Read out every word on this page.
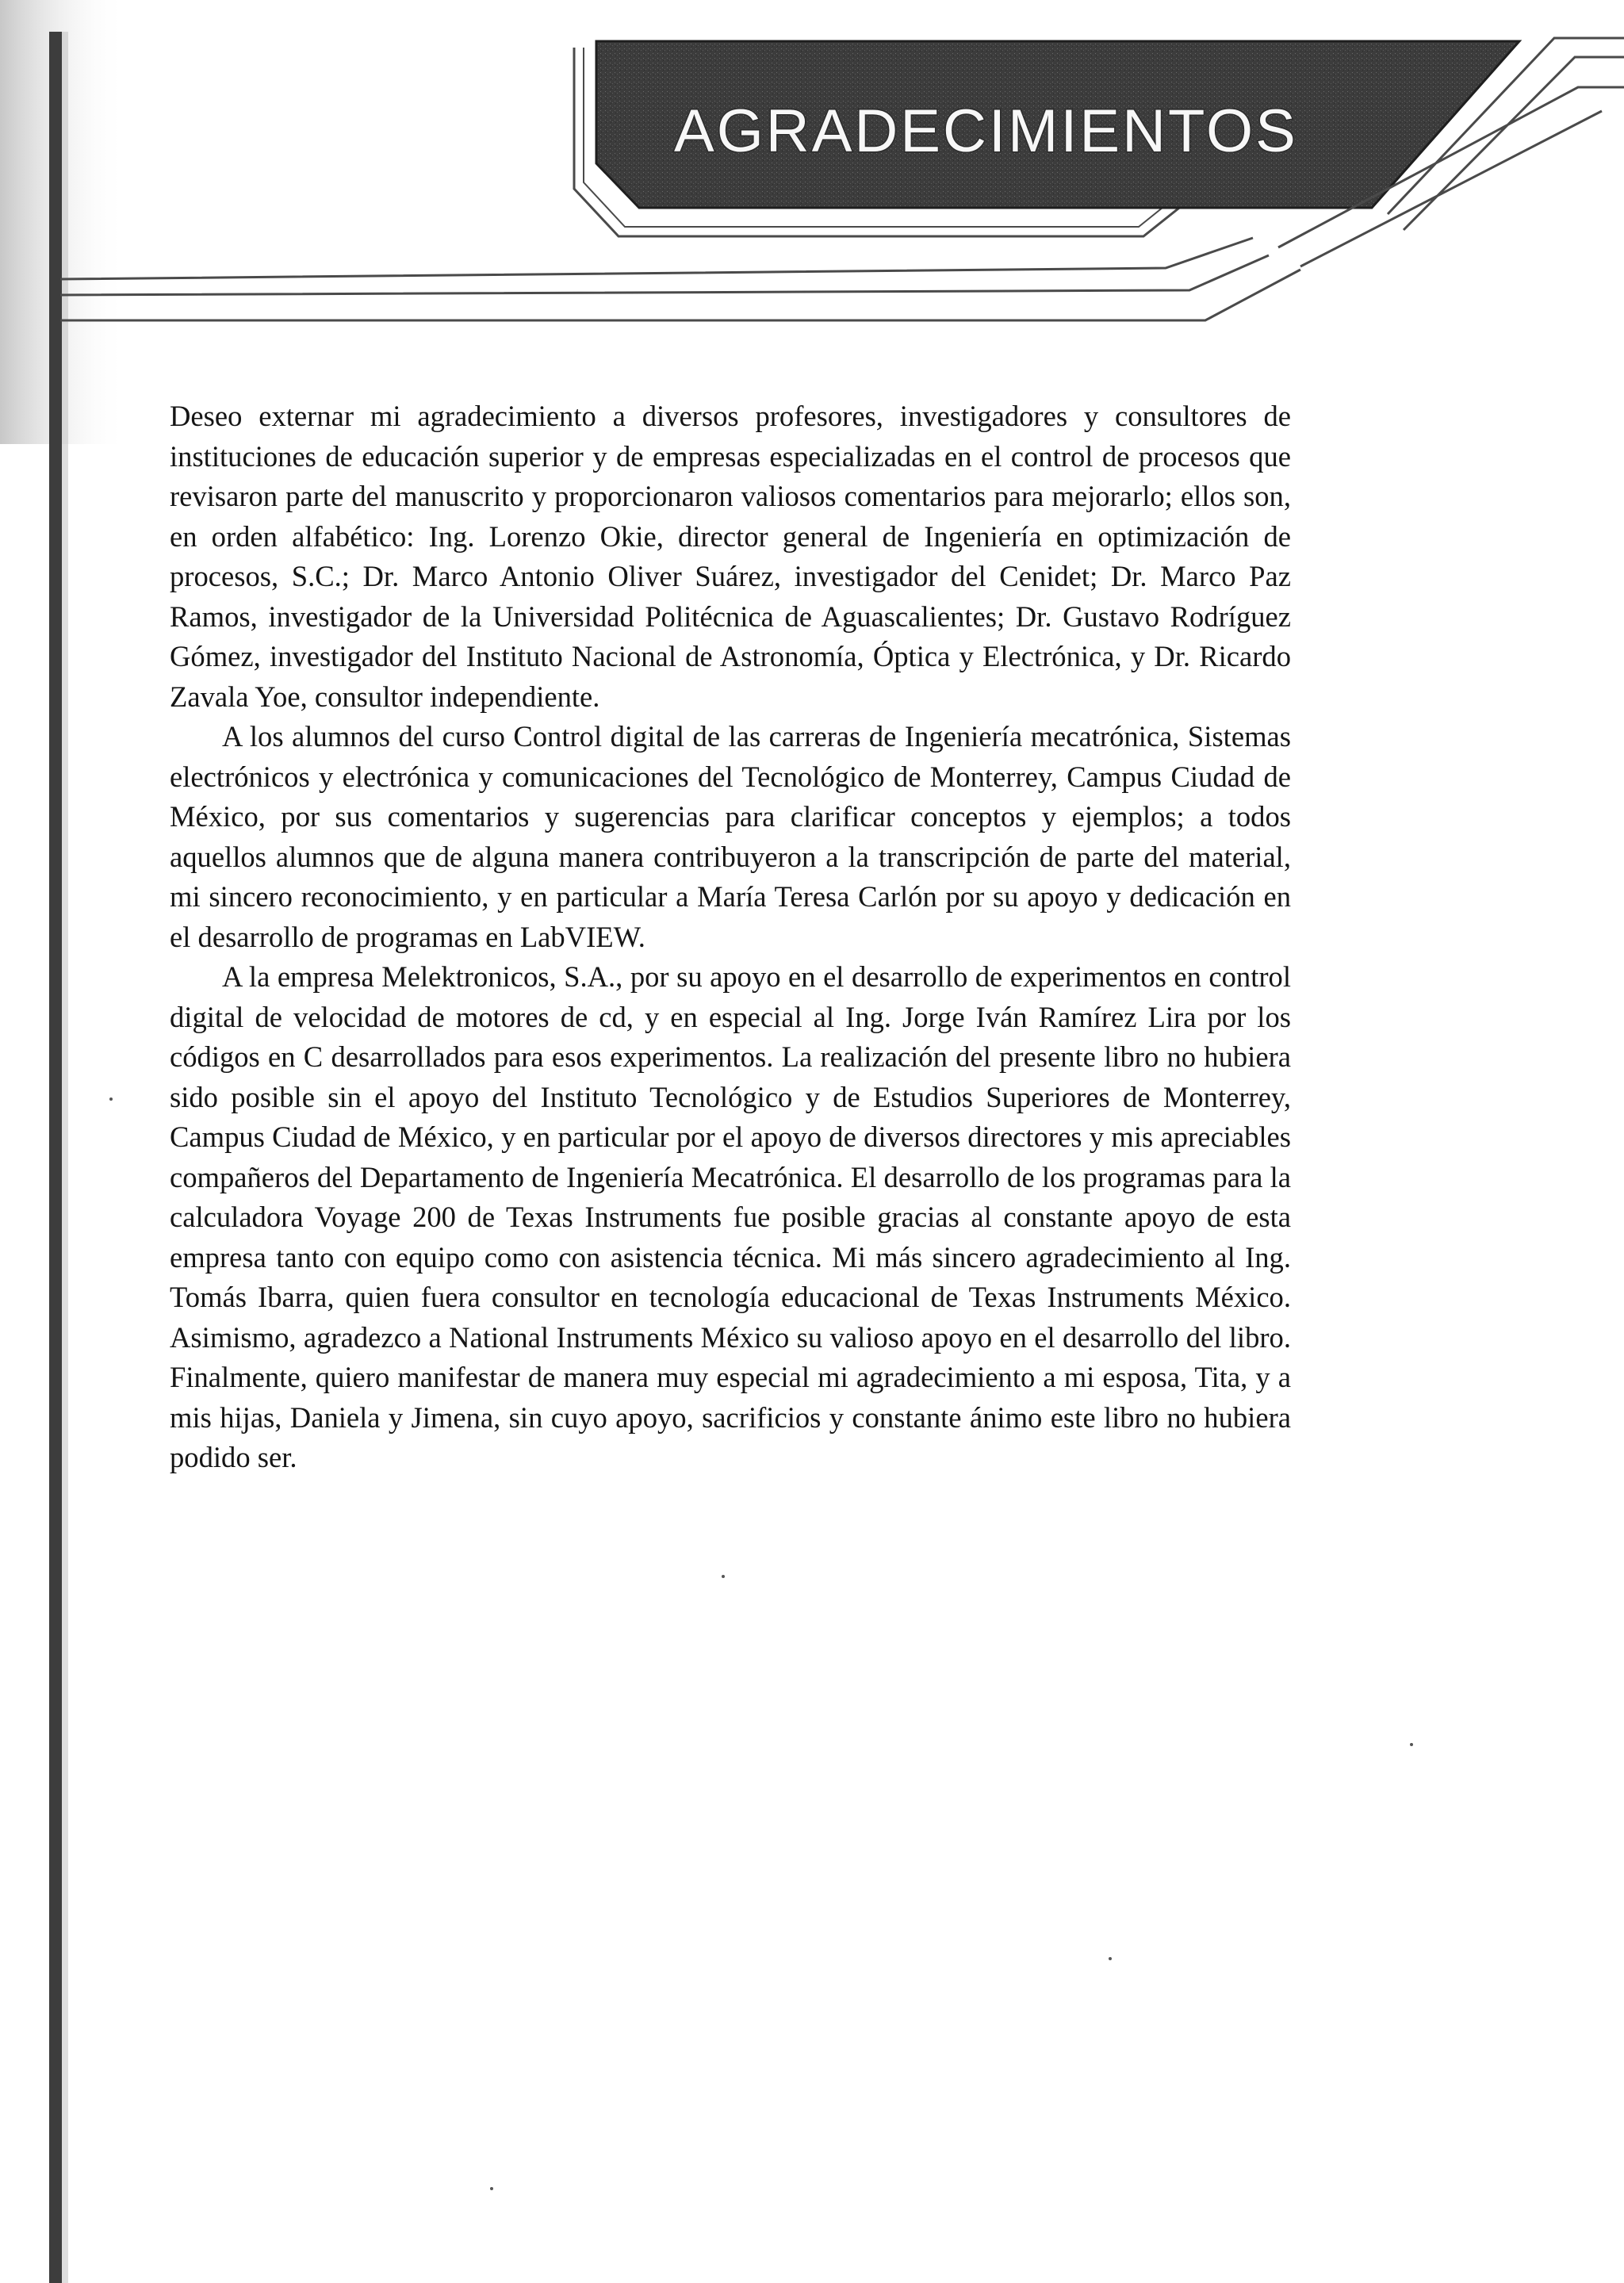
AGRADECIMIENTOS

Deseo externar mi agradecimiento a diversos profesores, investigadores y consultores de instituciones de educación superior y de empresas especializadas en el control de procesos que revisaron parte del manuscrito y proporcionaron valiosos comentarios para mejorarlo; ellos son, en orden alfabético: Ing. Lorenzo Okie, director general de Ingeniería en optimización de procesos, S.C.; Dr. Marco Antonio Oliver Suárez, investigador del Cenidet; Dr. Marco Paz Ramos, investigador de la Universidad Politécnica de Aguascalientes; Dr. Gustavo Rodríguez Gómez, investigador del Instituto Nacional de Astronomía, Óptica y Electrónica, y Dr. Ricardo Zavala Yoe, consultor independiente.

A los alumnos del curso Control digital de las carreras de Ingeniería mecatrónica, Sistemas electrónicos y electrónica y comunicaciones del Tecnológico de Monterrey, Campus Ciudad de México, por sus comentarios y sugerencias para clarificar conceptos y ejemplos; a todos aquellos alumnos que de alguna manera contribuyeron a la transcripción de parte del material, mi sincero reconocimiento, y en particular a María Teresa Carlón por su apoyo y dedicación en el desarrollo de programas en LabVIEW.

A la empresa Melektronicos, S.A., por su apoyo en el desarrollo de experimentos en control digital de velocidad de motores de cd, y en especial al Ing. Jorge Iván Ramírez Lira por los códigos en C desarrollados para esos experimentos. La realización del presente libro no hubiera sido posible sin el apoyo del Instituto Tecnológico y de Estudios Superiores de Monterrey, Campus Ciudad de México, y en particular por el apoyo de diversos directores y mis apreciables compañeros del Departamento de Ingeniería Mecatrónica. El desarrollo de los programas para la calculadora Voyage 200 de Texas Instruments fue posible gracias al constante apoyo de esta empresa tanto con equipo como con asistencia técnica. Mi más sincero agradecimiento al Ing. Tomás Ibarra, quien fuera consultor en tecnología educacional de Texas Instruments México. Asimismo, agradezco a National Instruments México su valioso apoyo en el desarrollo del libro. Finalmente, quiero manifestar de manera muy especial mi agradecimiento a mi esposa, Tita, y a mis hijas, Daniela y Jimena, sin cuyo apoyo, sacrificios y constante ánimo este libro no hubiera podido ser.
